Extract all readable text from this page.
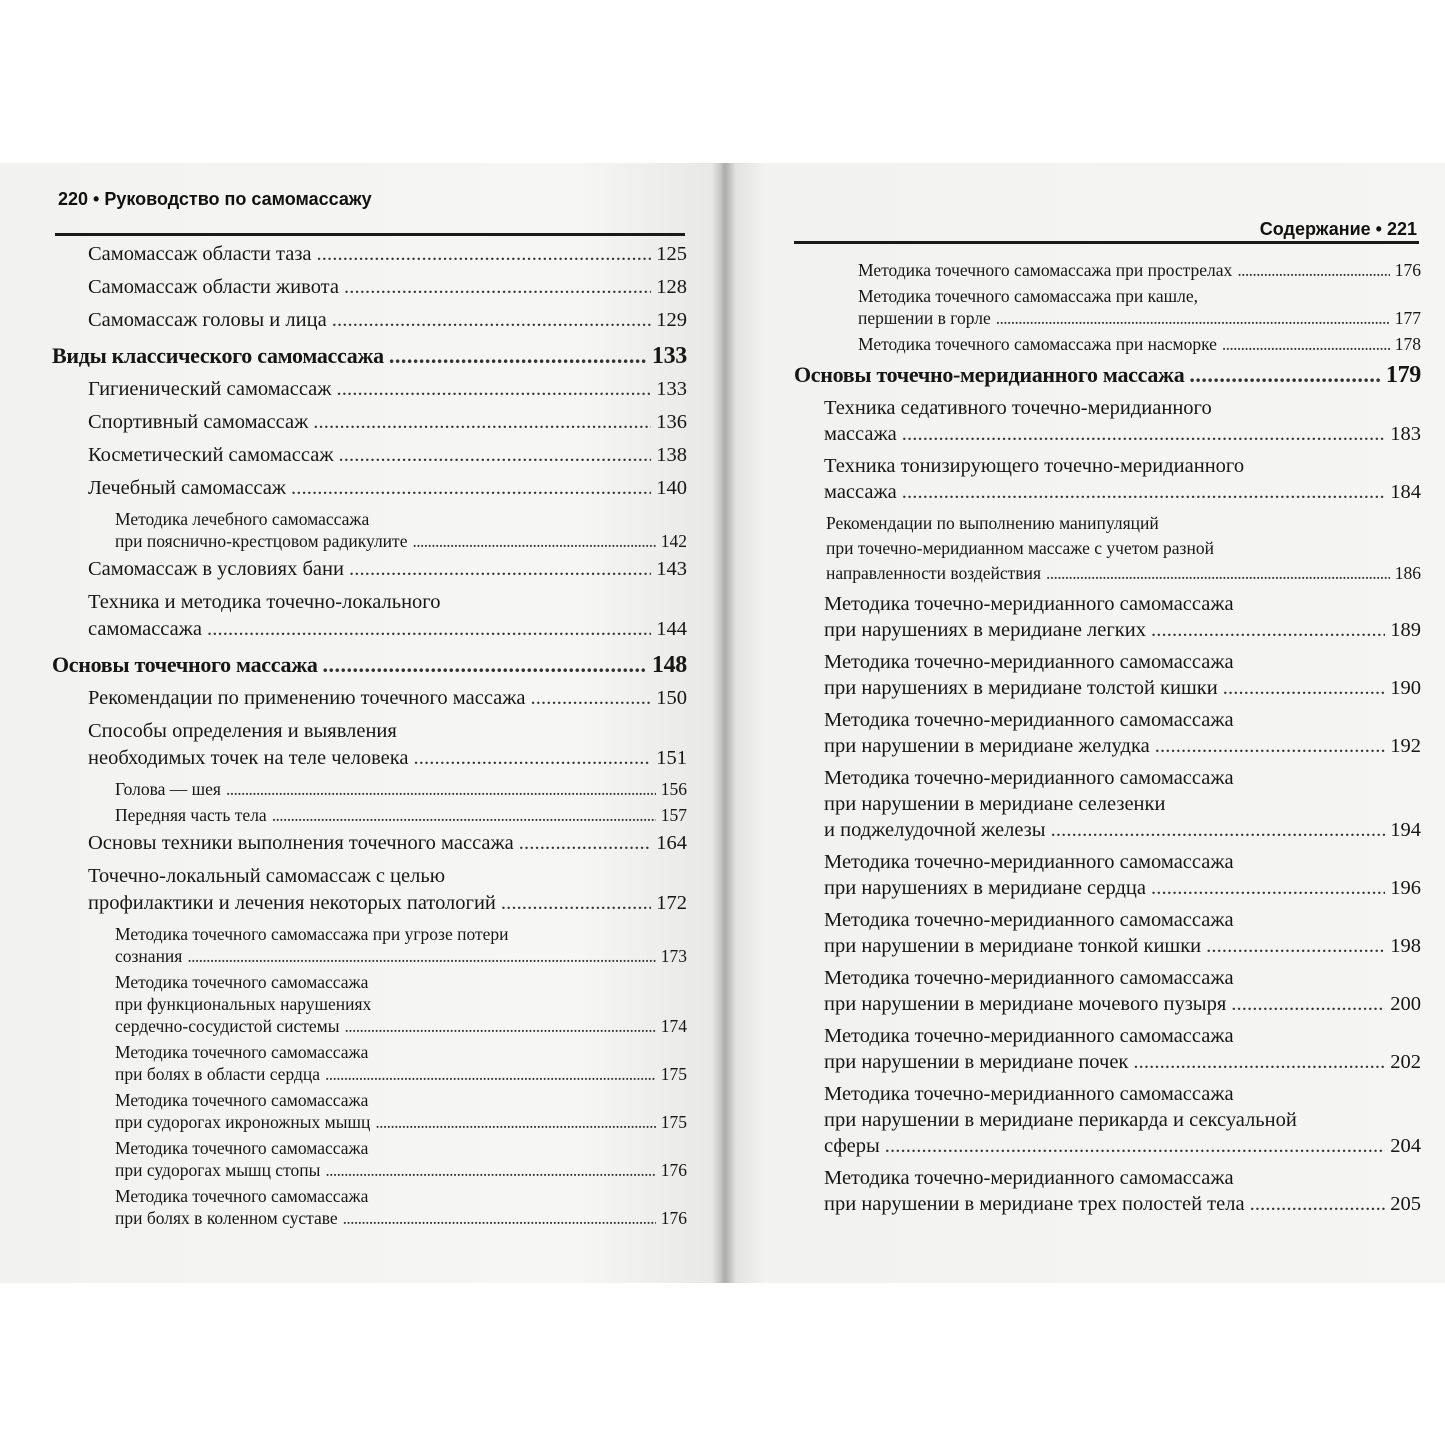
220 • Руководство по самомассажу
Самомассаж области таза . . .	125
Самомассаж области живота . . .	128
Самомассаж головы и лица . . .	129
Виды классического самомассажа . . .	133
Гигиенический самомассаж . . .	133
Спортивный самомассаж . . .	136
Косметический самомассаж . . .	138
Лечебный самомассаж . . .	140
Методика лечебного самомассажа
при пояснично-крестцовом радикулите . . .	142
Самомассаж в условиях бани . . .	143
Техника и методика точечно-локального
самомассажа . . .	144
Основы точечного массажа . . .	148
Рекомендации по применению точечного массажа . . .	150
Способы определения и выявления
необходимых точек на теле человека . . .	151
Голова — шея . . .	156
Передняя часть тела . . .	157
Основы техники выполнения точечного массажа . . .	164
Точечно-локальный самомассаж с целью
профилактики и лечения некоторых патологий . . .	172
Методика точечного самомассажа при угрозе потери
сознания . . .	173
Методика точечного самомассажа
при функциональных нарушениях
сердечно-сосудистой системы . . .	174
Методика точечного самомассажа
при болях в области сердца . . .	175
Методика точечного самомассажа
при судорогах икроножных мышц . . .	175
Методика точечного самомассажа
при судорогах мышц стопы . . .	176
Методика точечного самомассажа
при болях в коленном суставе . . .	176
Содержание • 221
Методика точечного самомассажа при прострелах . . .	176
Методика точечного самомассажа при кашле,
першении в горле . . .	177
Методика точечного самомассажа при насморке . . .	178
Основы точечно-меридианного массажа . . .	179
Техника седативного точечно-меридианного
массажа . . .	183
Техника тонизирующего точечно-меридианного
массажа . . .	184
Рекомендации по выполнению манипуляций
при точечно-меридианном массаже с учетом разной
направленности воздействия . . .	186
Методика точечно-меридианного самомассажа
при нарушениях в меридиане легких . . .	189
Методика точечно-меридианного самомассажа
при нарушениях в меридиане толстой кишки . . .	190
Методика точечно-меридианного самомассажа
при нарушении в меридиане желудка . . .	192
Методика точечно-меридианного самомассажа
при нарушении в меридиане селезенки
и поджелудочной железы . . .	194
Методика точечно-меридианного самомассажа
при нарушениях в меридиане сердца . . .	196
Методика точечно-меридианного самомассажа
при нарушении в меридиане тонкой кишки . . .	198
Методика точечно-меридианного самомассажа
при нарушении в меридиане мочевого пузыря . . .	200
Методика точечно-меридианного самомассажа
при нарушении в меридиане почек . . .	202
Методика точечно-меридианного самомассажа
при нарушении в меридиане перикарда и сексуальной
сферы . . .	204
Методика точечно-меридианного самомассажа
при нарушении в меридиане трех полостей тела . . .	205
